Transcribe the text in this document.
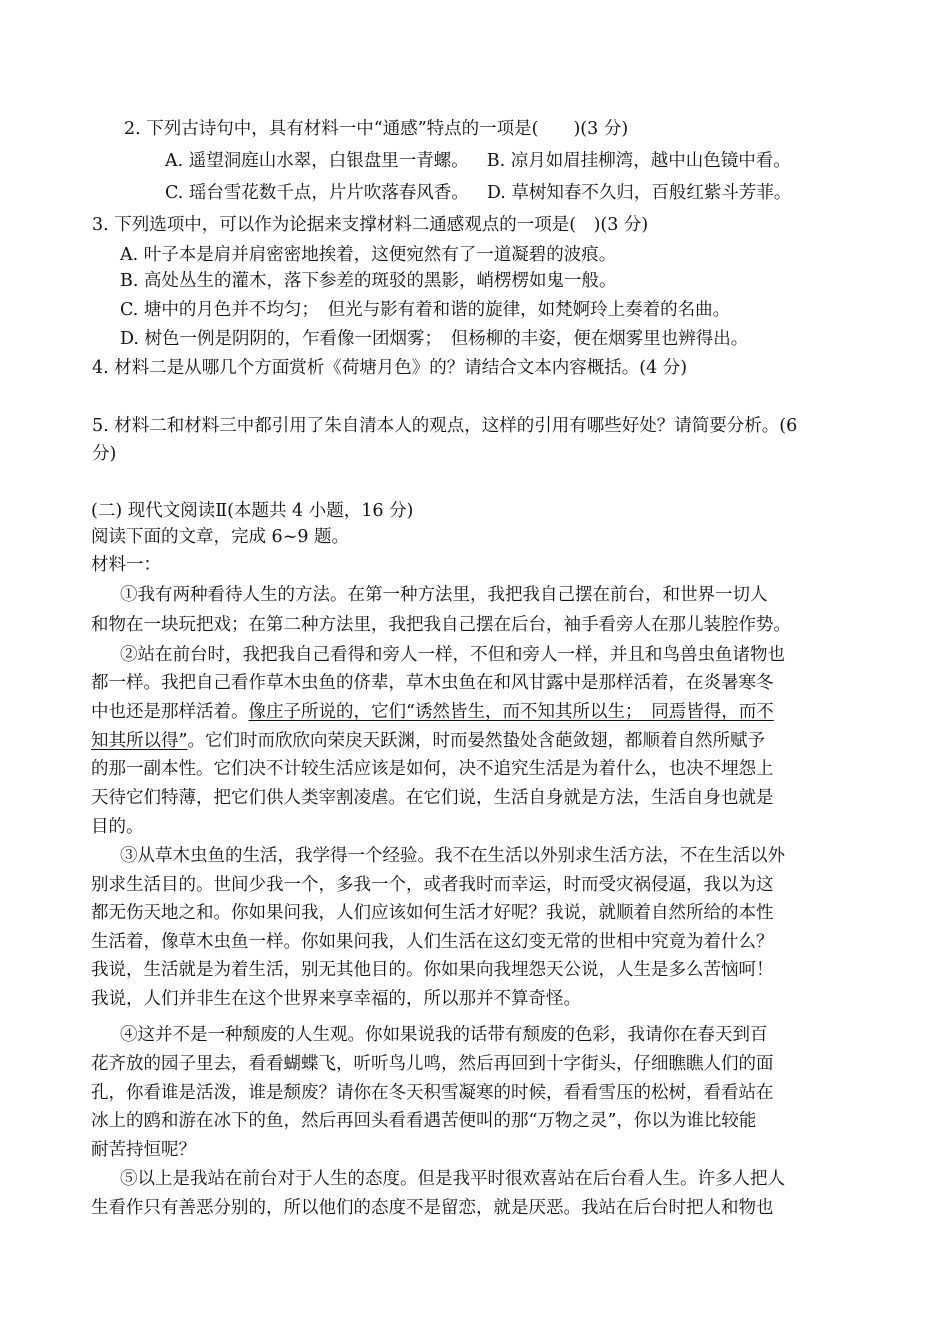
2. 下列古诗句中，具有材料一中“通感”特点的一项是(　　)(3 分)
A. 遥望洞庭山水翠，白银盘里一青螺。 B. 凉月如眉挂柳湾，越中山色镜中看。
C. 瑶台雪花数千点，片片吹落春风香。 D. 草树知春不久归，百般红紫斗芳菲。
3. 下列选项中，可以作为论据来支撑材料二通感观点的一项是(　)(3 分)
A. 叶子本是肩并肩密密地挨着，这便宛然有了一道凝碧的波痕。
B. 高处丛生的灌木，落下参差的斑驳的黑影，峭楞楞如鬼一般。
C. 塘中的月色并不均匀；　但光与影有着和谐的旋律，如梵婀玲上奏着的名曲。
D. 树色一例是阴阴的，乍看像一团烟雾；　但杨柳的丰姿，便在烟雾里也辨得出。
4. 材料二是从哪几个方面赏析《荷塘月色》的？请结合文本内容概括。(4 分)
5. 材料二和材料三中都引用了朱自清本人的观点，这样的引用有哪些好处？请简要分析。(6
分)
(二) 现代文阅读Ⅱ(本题共 4 小题，16 分)
阅读下面的文章，完成 6~9 题。
材料一：
①我有两种看待人生的方法。在第一种方法里，我把我自己摆在前台，和世界一切人
和物在一块玩把戏；在第二种方法里，我把我自己摆在后台，袖手看旁人在那儿装腔作势。
②站在前台时，我把我自己看得和旁人一样，不但和旁人一样，并且和鸟兽虫鱼诸物也
都一样。我把自己看作草木虫鱼的侪辈，草木虫鱼在和风甘露中是那样活着，在炎暑寒冬
中也还是那样活着。像庄子所说的，它们“诱然皆生，而不知其所以生；　同焉皆得，而不
知其所以得”。它们时而欣欣向荣戾天跃渊，时而晏然蛰处含葩敛翅，都顺着自然所赋予
的那一副本性。它们决不计较生活应该是如何，决不追究生活是为着什么，也决不埋怨上
天待它们特薄，把它们供人类宰割凌虐。在它们说，生活自身就是方法，生活自身也就是
目的。
③从草木虫鱼的生活，我学得一个经验。我不在生活以外别求生活方法，不在生活以外
别求生活目的。世间少我一个，多我一个，或者我时而幸运，时而受灾祸侵逼，我以为这
都无伤天地之和。你如果问我，人们应该如何生活才好呢？我说，就顺着自然所给的本性
生活着，像草木虫鱼一样。你如果问我，人们生活在这幻变无常的世相中究竟为着什么？
我说，生活就是为着生活，别无其他目的。你如果向我埋怨天公说，人生是多么苦恼呵！
我说，人们并非生在这个世界来享幸福的，所以那并不算奇怪。
④这并不是一种颓废的人生观。你如果说我的话带有颓废的色彩，我请你在春天到百
花齐放的园子里去，看看蝴蝶飞，听听鸟儿鸣，然后再回到十字街头，仔细瞧瞧人们的面
孔，你看谁是活泼，谁是颓废？请你在冬天积雪凝寒的时候，看看雪压的松树，看看站在
冰上的鸥和游在冰下的鱼，然后再回头看看遇苦便叫的那“万物之灵”，你以为谁比较能
耐苦持恒呢？
⑤以上是我站在前台对于人生的态度。但是我平时很欢喜站在后台看人生。许多人把人
生看作只有善恶分别的，所以他们的态度不是留恋，就是厌恶。我站在后台时把人和物也
